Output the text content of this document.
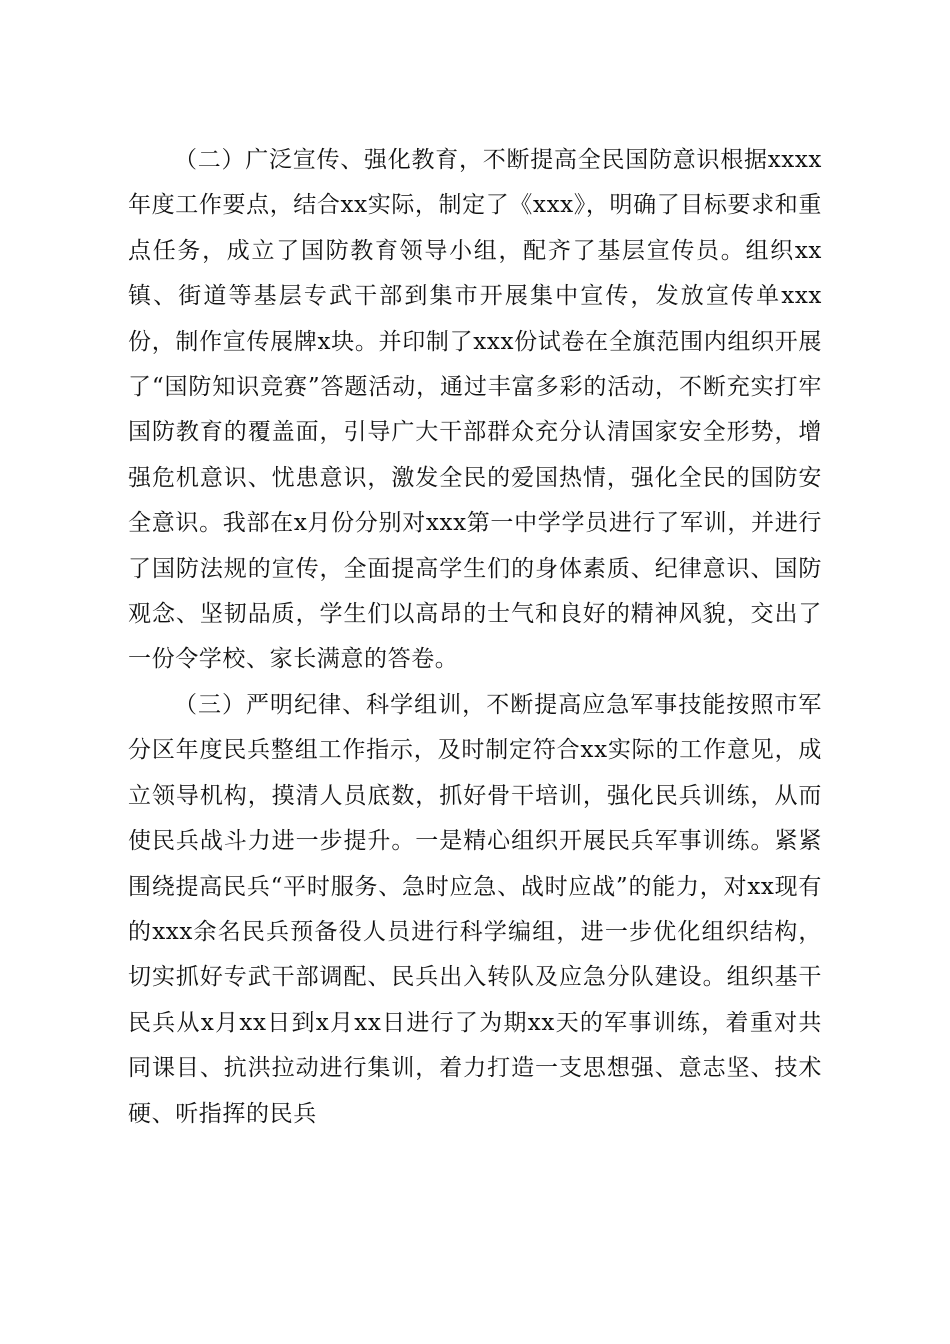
（二）广泛宣传、强化教育，不断提高全民国防意识根据xxxx年度工作要点，结合xx实际，制定了《xxx》，明确了目标要求和重点任务，成立了国防教育领导小组，配齐了基层宣传员。组织xx镇、街道等基层专武干部到集市开展集中宣传，发放宣传单xxx份，制作宣传展牌x块。并印制了xxx份试卷在全旗范围内组织开展了“国防知识竞赛”答题活动，通过丰富多彩的活动，不断充实打牢国防教育的覆盖面，引导广大干部群众充分认清国家安全形势，增强危机意识、忧患意识，激发全民的爱国热情，强化全民的国防安全意识。我部在x月份分别对xxx第一中学学员进行了军训，并进行了国防法规的宣传，全面提高学生们的身体素质、纪律意识、国防观念、坚韧品质，学生们以高昂的士气和良好的精神风貌，交出了一份令学校、家长满意的答卷。

（三）严明纪律、科学组训，不断提高应急军事技能按照市军分区年度民兵整组工作指示，及时制定符合xx实际的工作意见，成立领导机构，摸清人员底数，抓好骨干培训，强化民兵训练，从而使民兵战斗力进一步提升。一是精心组织开展民兵军事训练。紧紧围绕提高民兵“平时服务、急时应急、战时应战”的能力，对xx现有的xxx余名民兵预备役人员进行科学编组，进一步优化组织结构，切实抓好专武干部调配、民兵出入转队及应急分队建设。组织基干民兵从x月xx日到x月xx日进行了为期xx天的军事训练，着重对共同课目、抗洪拉动进行集训，着力打造一支思想强、意志坚、技术硬、听指挥的民兵
